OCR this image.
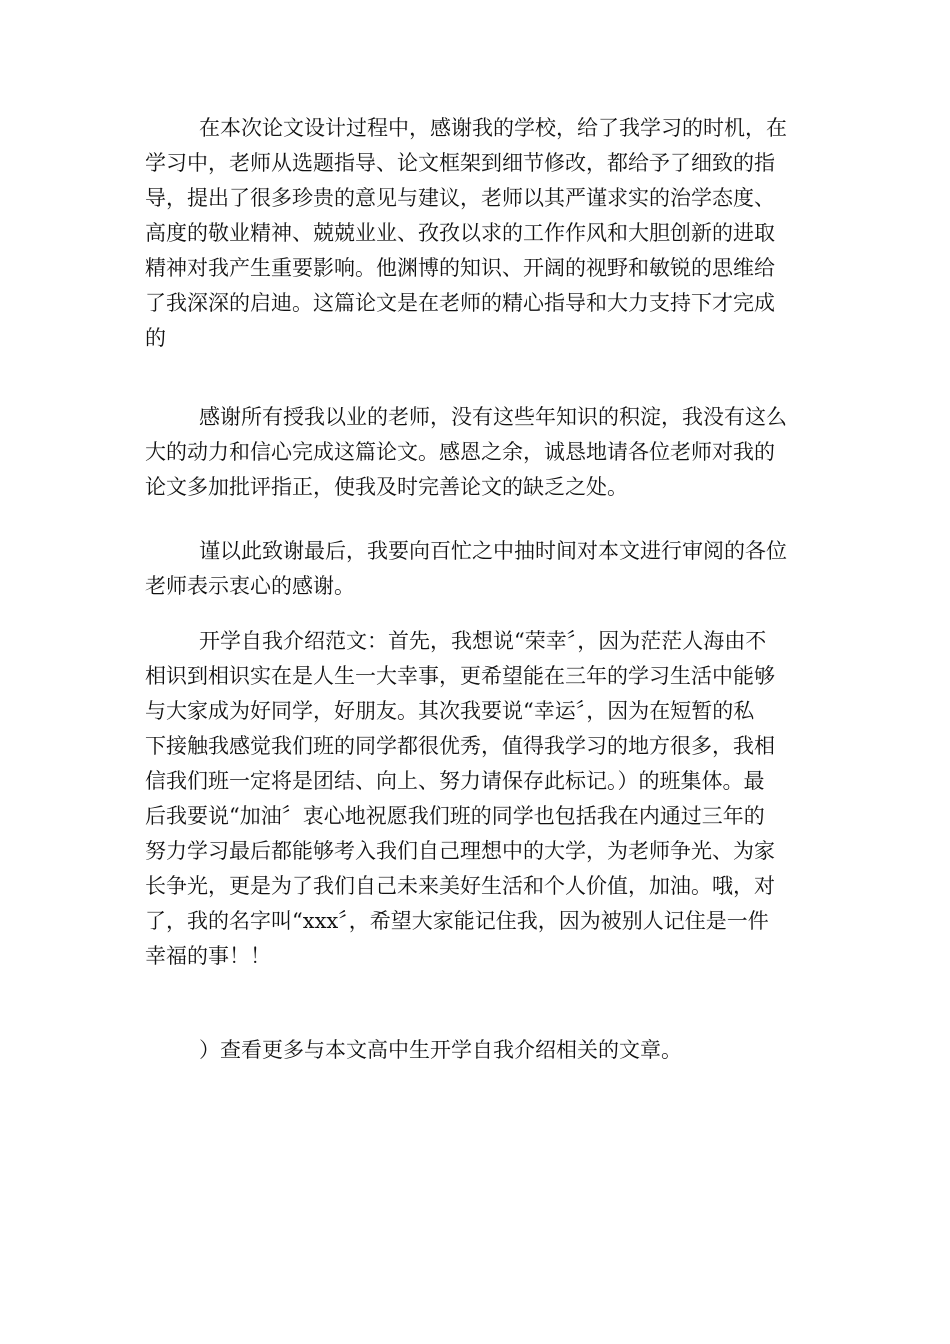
在本次论文设计过程中，感谢我的学校，给了我学习的时机，在
学习中，老师从选题指导、论文框架到细节修改，都给予了细致的指
导，提出了很多珍贵的意见与建议，老师以其严谨求实的治学态度、
高度的敬业精神、兢兢业业、孜孜以求的工作作风和大胆创新的进取
精神对我产生重要影响。他渊博的知识、开阔的视野和敏锐的思维给
了我深深的启迪。这篇论文是在老师的精心指导和大力支持下才完成
的
感谢所有授我以业的老师，没有这些年知识的积淀，我没有这么
大的动力和信心完成这篇论文。感恩之余，诚恳地请各位老师对我的
论文多加批评指正，使我及时完善论文的缺乏之处。
谨以此致谢最后，我要向百忙之中抽时间对本文进行审阅的各位
老师表示衷心的感谢。
开学自我介绍范文：首先，我想说“荣幸〞，因为茫茫人海由不
相识到相识实在是人生一大幸事，更希望能在三年的学习生活中能够
与大家成为好同学，好朋友。其次我要说“幸运〞，因为在短暂的私
下接触我感觉我们班的同学都很优秀，值得我学习的地方很多，我相
信我们班一定将是团结、向上、努力请保存此标记。）的班集体。最
后我要说“加油〞衷心地祝愿我们班的同学也包括我在内通过三年的
努力学习最后都能够考入我们自己理想中的大学，为老师争光、为家
长争光，更是为了我们自己未来美好生活和个人价值，加油。哦，对
了，我的名字叫“xxx〞，希望大家能记住我，因为被别人记住是一件
幸福的事！！
）查看更多与本文高中生开学自我介绍相关的文章。
